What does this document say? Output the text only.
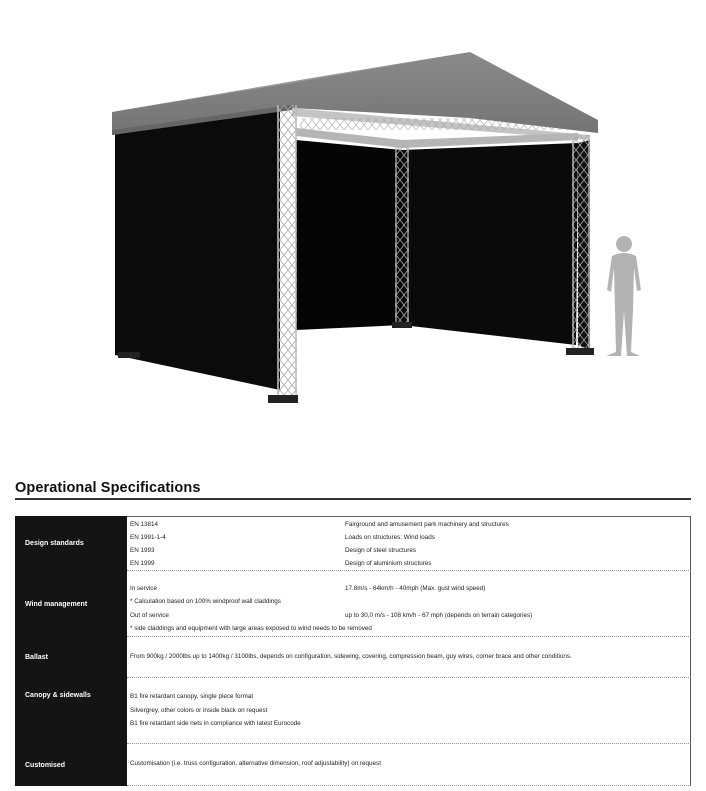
Operational Specifications
Design standards
EN 13814	Fairground and amusement park machinery and structures
EN 1991-1-4	Loads on structures: Wind loads
EN 1993	Design of steel structures
EN 1999	Design of aluminium structures
Wind management
In service	17.8m/s - 64km/h - 40mph (Max. gust wind speed)
* Calculation based on 100% windproof wall claddings
Out of service	up to 30,0 m/s - 108 km/h - 67 mph (depends on terrain categories)
* side claddings and equipment with large areas exposed to wind needs to be removed
Ballast	From 900kg / 2000lbs up to 1400kg / 3100lbs, depends on configuration, sidewing, covering, compression beam, guy wires, corner brace and other conditions.
Canopy & sidewalls	B1 fire retardant canopy, single piece format
Silvergrey, other colors or inside black on request
B1 fire retardant side nets in compliance with latest Eurocode
Customised	Customisation (i.e. truss configuration, alternative dimension, roof adjustability) on request
